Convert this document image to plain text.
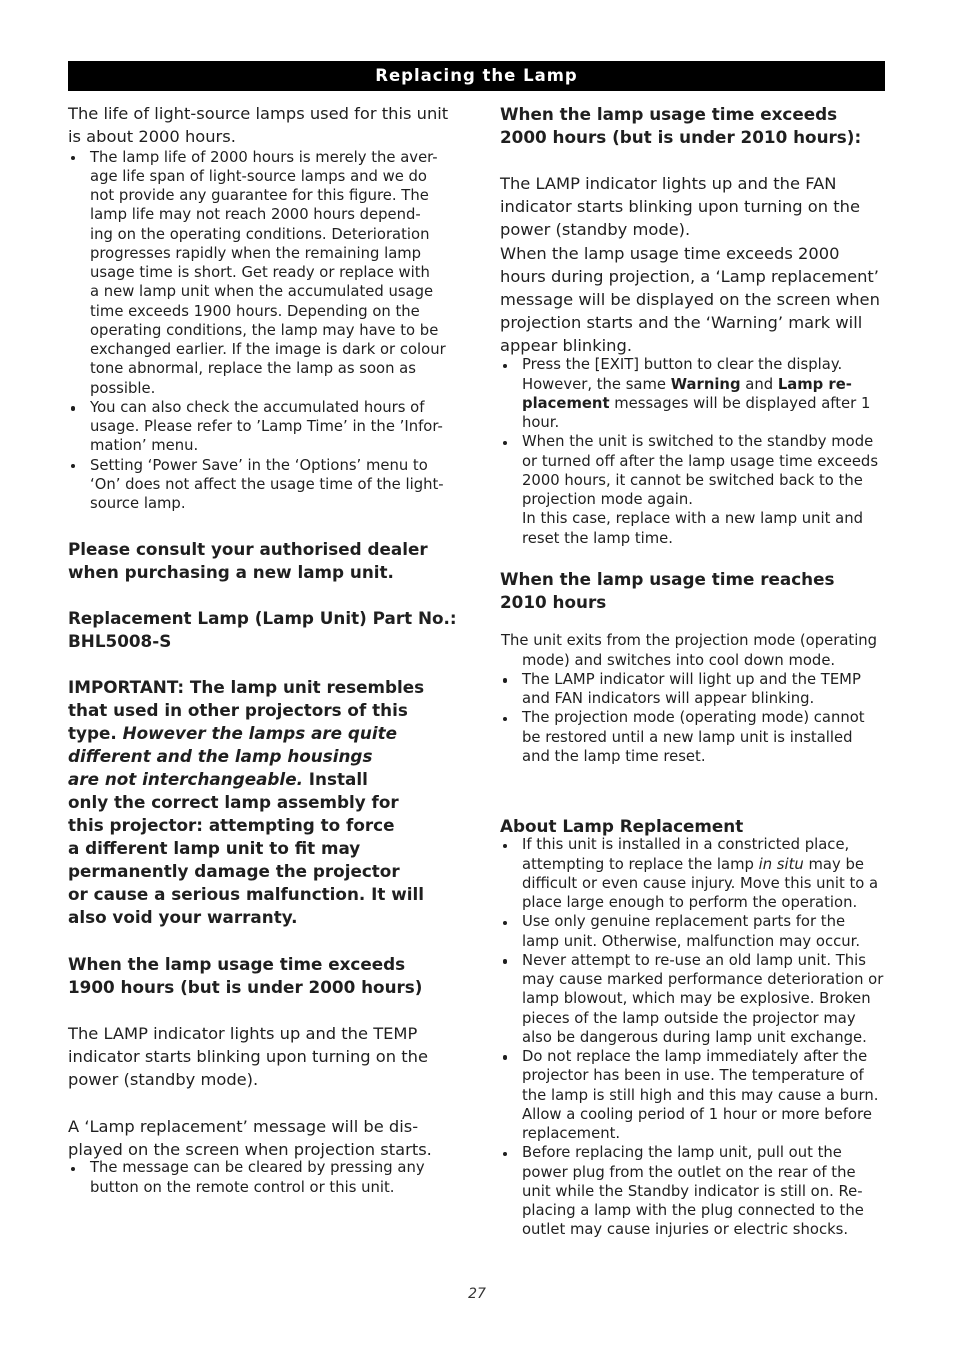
Replacing the Lamp
The life of light-source lamps used for this unit
is about 2000 hours.
The lamp life of 2000 hours is merely the aver-
age life span of light-source lamps and we do
not provide any guarantee for this figure. The
lamp life may not reach 2000 hours depend-
ing on the operating conditions. Deterioration
progresses rapidly when the remaining lamp
usage time is short. Get ready or replace with
a new lamp unit when the accumulated usage
time exceeds 1900 hours. Depending on the
operating conditions, the lamp may have to be
exchanged earlier. If the image is dark or colour
tone abnormal, replace the lamp as soon as
possible.
You can also check the accumulated hours of
usage. Please refer to ’Lamp Time’ in the ’Infor-
mation’ menu.
Setting ‘Power Save’ in the ‘Options’ menu to
‘On’ does not affect the usage time of the light-
source lamp.
Please consult your authorised dealer
when purchasing a new lamp unit.
Replacement Lamp (Lamp Unit) Part No.:
BHL5008-S
IMPORTANT: The lamp unit resembles
that used in other projectors of this
type. However the lamps are quite
different and the lamp housings
are not interchangeable. Install
only the correct lamp assembly for
this projector: attempting to force
a different lamp unit to fit may
permanently damage the projector
or cause a serious malfunction. It will
also void your warranty.
When the lamp usage time exceeds
1900 hours (but is under 2000 hours)
The LAMP indicator lights up and the TEMP
indicator starts blinking upon turning on the
power (standby mode).
A ‘Lamp replacement’ message will be dis-
played on the screen when projection starts.
The message can be cleared by pressing any
button on the remote control or this unit.
When the lamp usage time exceeds
2000 hours (but is under 2010 hours):
The LAMP indicator lights up and the FAN
indicator starts blinking upon turning on the
power (standby mode).
When the lamp usage time exceeds 2000
hours during projection, a ‘Lamp replacement’
message will be displayed on the screen when
projection starts and the ‘Warning’ mark will
appear blinking.
Press the [EXIT] button to clear the display.
However, the same Warning and Lamp re-
placement messages will be displayed after 1
hour.
When the unit is switched to the standby mode
or turned off after the lamp usage time exceeds
2000 hours, it cannot be switched back to the
projection mode again.
In this case, replace with a new lamp unit and
reset the lamp time.
When the lamp usage time reaches
2010 hours
The unit exits from the projection mode (operating
mode) and switches into cool down mode.
The LAMP indicator will light up and the TEMP
and FAN indicators will appear blinking.
The projection mode (operating mode) cannot
be restored until a new lamp unit is installed
and the lamp time reset.
About Lamp Replacement
If this unit is installed in a constricted place,
attempting to replace the lamp in situ may be
difficult or even cause injury. Move this unit to a
place large enough to perform the operation.
Use only genuine replacement parts for the
lamp unit. Otherwise, malfunction may occur.
Never attempt to re-use an old lamp unit. This
may cause marked performance deterioration or
lamp blowout, which may be explosive. Broken
pieces of the lamp outside the projector may
also be dangerous during lamp unit exchange.
Do not replace the lamp immediately after the
projector has been in use. The temperature of
the lamp is still high and this may cause a burn.
Allow a cooling period of 1 hour or more before
replacement.
Before replacing the lamp unit, pull out the
power plug from the outlet on the rear of the
unit while the Standby indicator is still on. Re-
placing a lamp with the plug connected to the
outlet may cause injuries or electric shocks.
27
